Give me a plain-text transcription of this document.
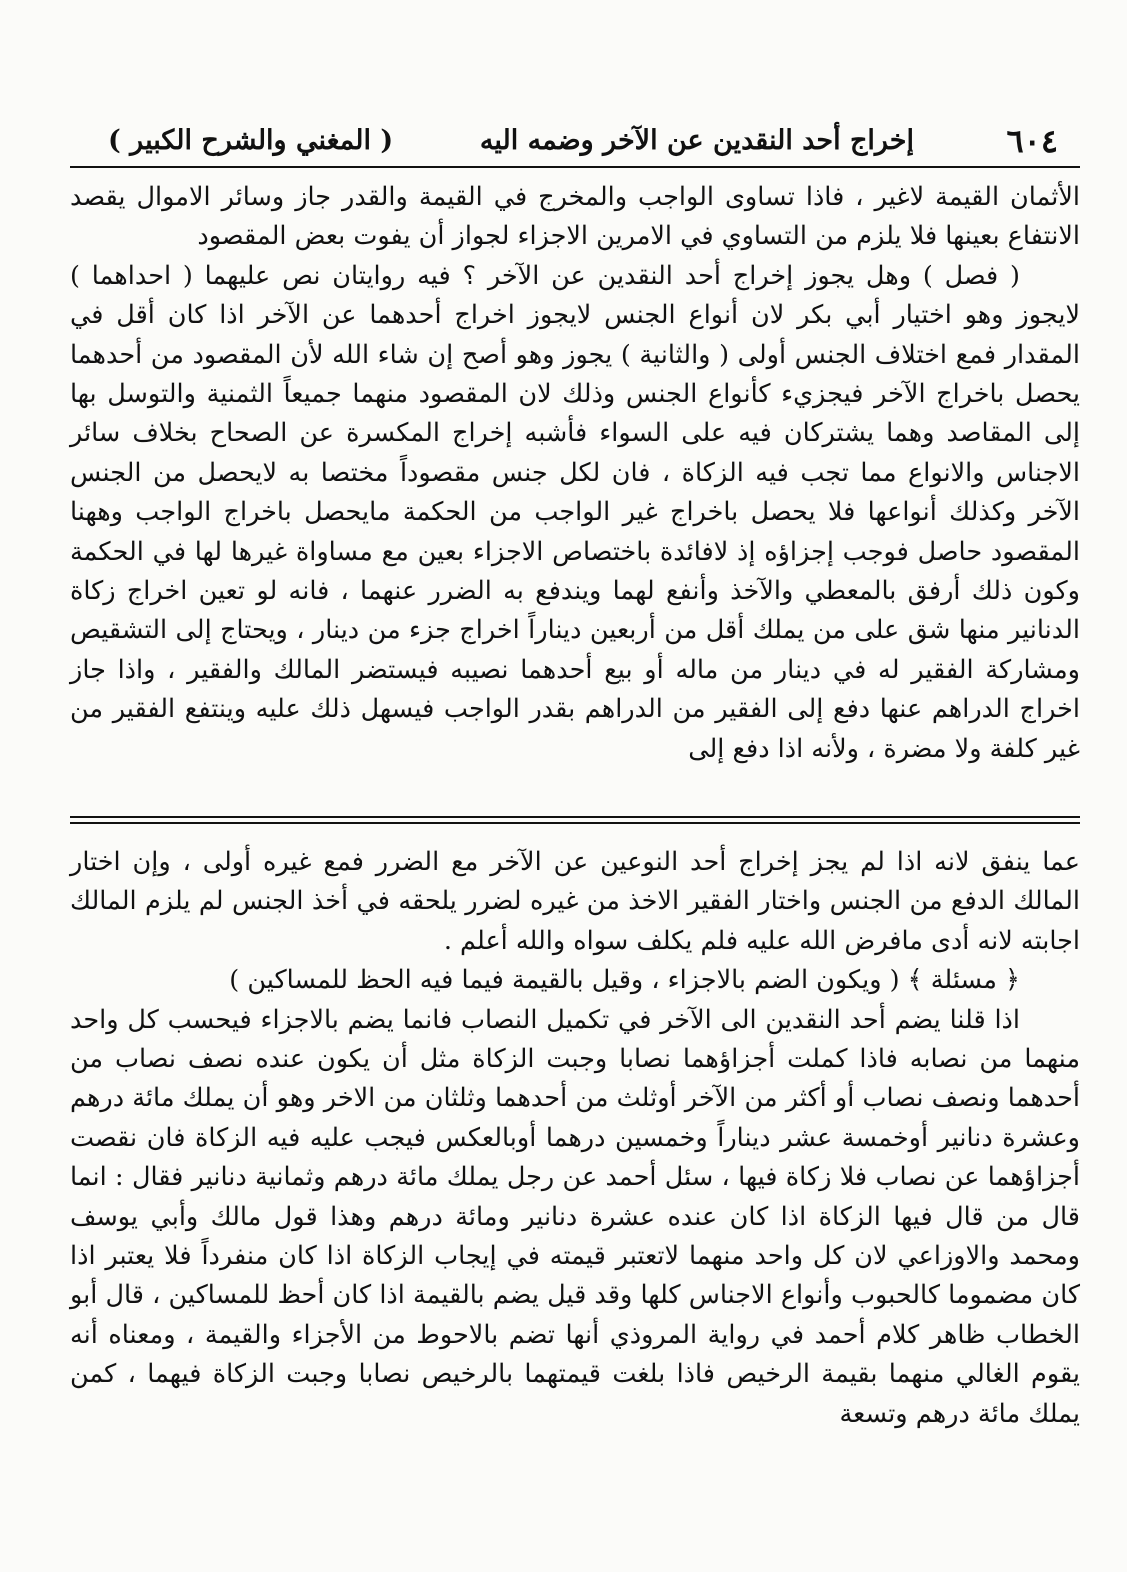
٦٠٤
إخراج أحد النقدين عن الآخر وضمه اليه
( المغني والشرح الكبير )

الأثمان القيمة لاغير ، فاذا تساوى الواجب والمخرج في القيمة والقدر جاز وسائر الاموال يقصد الانتفاع بعينها فلا يلزم من التساوي في الامرين الاجزاء لجواز أن يفوت بعض المقصود

( فصل ) وهل يجوز إخراج أحد النقدين عن الآخر ؟ فيه روايتان نص عليهما ( احداهما ) لايجوز وهو اختيار أبي بكر لان أنواع الجنس لايجوز اخراج أحدهما عن الآخر اذا كان أقل في المقدار فمع اختلاف الجنس أولى ( والثانية ) يجوز وهو أصح إن شاء الله لأن المقصود من أحدهما يحصل باخراج الآخر فيجزيء كأنواع الجنس وذلك لان المقصود منهما جميعاً الثمنية والتوسل بها إلى المقاصد وهما يشتركان فيه على السواء فأشبه إخراج المكسرة عن الصحاح بخلاف سائر الاجناس والانواع مما تجب فيه الزكاة ، فان لكل جنس مقصوداً مختصا به لايحصل من الجنس الآخر وكذلك أنواعها فلا يحصل باخراج غير الواجب من الحكمة مايحصل باخراج الواجب وههنا المقصود حاصل فوجب إجزاؤه إذ لافائدة باختصاص الاجزاء بعين مع مساواة غيرها لها في الحكمة وكون ذلك أرفق بالمعطي والآخذ وأنفع لهما ويندفع به الضرر عنهما ، فانه لو تعين اخراج زكاة الدنانير منها شق على من يملك أقل من أربعين ديناراً اخراج جزء من دينار ، ويحتاج إلى التشقيص ومشاركة الفقير له في دينار من ماله أو بيع أحدهما نصيبه فيستضر المالك والفقير ، واذا جاز اخراج الدراهم عنها دفع إلى الفقير من الدراهم بقدر الواجب فيسهل ذلك عليه وينتفع الفقير من غير كلفة ولا مضرة ، ولأنه اذا دفع إلى

عما ينفق لانه اذا لم يجز إخراج أحد النوعين عن الآخر مع الضرر فمع غيره أولى ، وإن اختار المالك الدفع من الجنس واختار الفقير الاخذ من غيره لضرر يلحقه في أخذ الجنس لم يلزم المالك اجابته لانه أدى مافرض الله عليه فلم يكلف سواه والله أعلم .

﴿ مسئلة ﴾ ( ويكون الضم بالاجزاء ، وقيل بالقيمة فيما فيه الحظ للمساكين )

اذا قلنا يضم أحد النقدين الى الآخر في تكميل النصاب فانما يضم بالاجزاء فيحسب كل واحد منهما من نصابه فاذا كملت أجزاؤهما نصابا وجبت الزكاة مثل أن يكون عنده نصف نصاب من أحدهما ونصف نصاب أو أكثر من الآخر أوثلث من أحدهما وثلثان من الاخر وهو أن يملك مائة درهم وعشرة دنانير أوخمسة عشر ديناراً وخمسين درهما أوبالعكس فيجب عليه فيه الزكاة فان نقصت أجزاؤهما عن نصاب فلا زكاة فيها ، سئل أحمد عن رجل يملك مائة درهم وثمانية دنانير فقال : انما قال من قال فيها الزكاة اذا كان عنده عشرة دنانير ومائة درهم وهذا قول مالك وأبي يوسف ومحمد والاوزاعي لان كل واحد منهما لاتعتبر قيمته في إيجاب الزكاة اذا كان منفرداً فلا يعتبر اذا كان مضموما كالحبوب وأنواع الاجناس كلها وقد قيل يضم بالقيمة اذا كان أحظ للمساكين ، قال أبو الخطاب ظاهر كلام أحمد في رواية المروذي أنها تضم بالاحوط من الأجزاء والقيمة ، ومعناه أنه يقوم الغالي منهما بقيمة الرخيص فاذا بلغت قيمتهما بالرخيص نصابا وجبت الزكاة فيهما ، كمن يملك مائة درهم وتسعة
